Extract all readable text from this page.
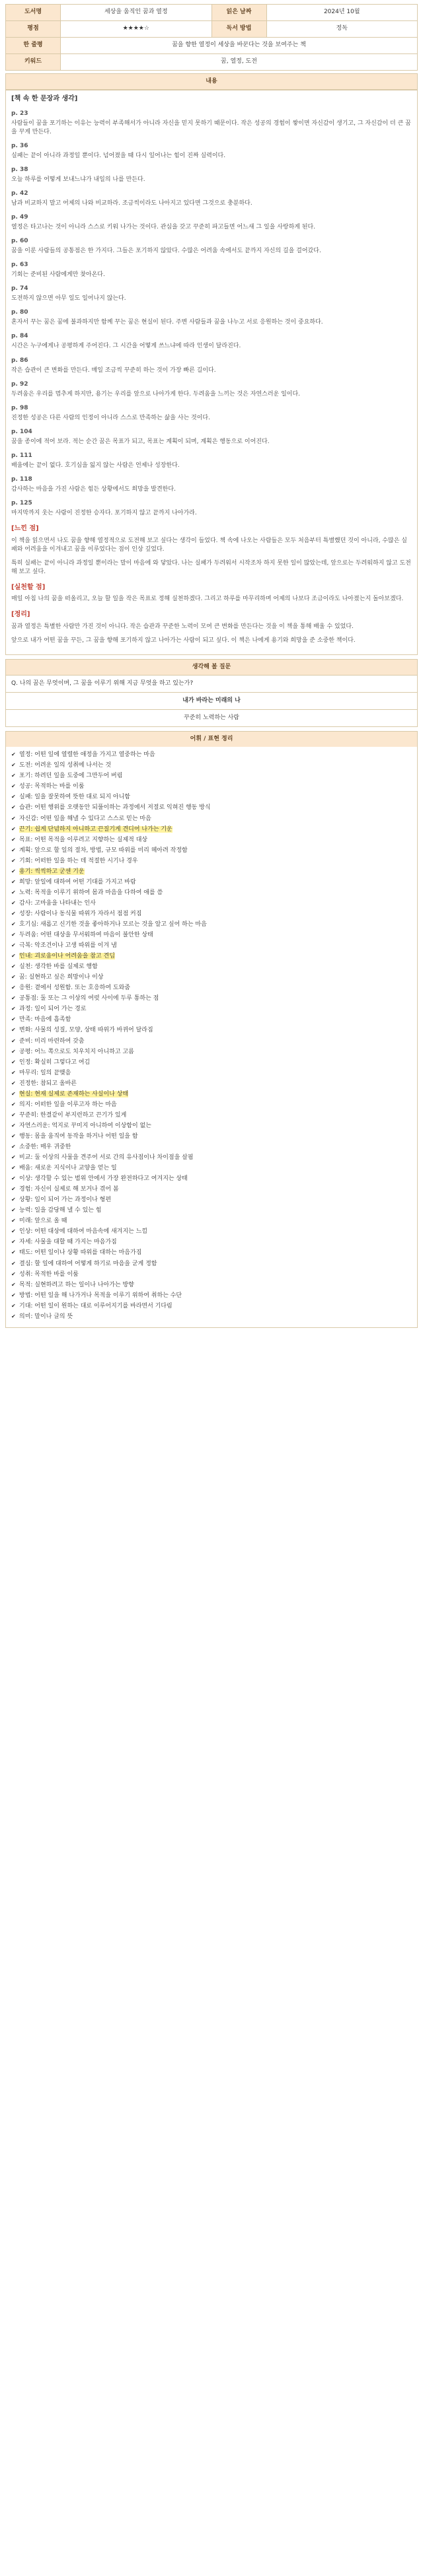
도서명	세상을 움직인 꿈과 열정	읽은 날짜	2024년 10월
평점	★★★★☆	독서 방법	정독
한 줄평	꿈을 향한 열정이 세상을 바꾼다는 것을 보여주는 책		
키워드	꿈, 열정, 도전		
내용
[책 속 한 문장과 생각]
p. 23
사람들이 꿈을 포기하는 이유는 능력이 부족해서가 아니라 자신을 믿지 못하기 때문이다. 작은 성공의 경험이 쌓이면 자신감이 생기고, 그 자신감이 더 큰 꿈을 꾸게 만든다.
p. 36
실패는 끝이 아니라 과정일 뿐이다. 넘어졌을 때 다시 일어나는 힘이 진짜 실력이다.
p. 38
오늘 하루를 어떻게 보내느냐가 내일의 나를 만든다.
p. 42
남과 비교하지 말고 어제의 나와 비교하라. 조금씩이라도 나아지고 있다면 그것으로 충분하다.
p. 49
열정은 타고나는 것이 아니라 스스로 키워 나가는 것이다. 관심을 갖고 꾸준히 파고들면 어느새 그 일을 사랑하게 된다.
p. 60
꿈을 이룬 사람들의 공통점은 한 가지다. 그들은 포기하지 않았다. 수많은 어려움 속에서도 끝까지 자신의 길을 걸어갔다.
p. 63
기회는 준비된 사람에게만 찾아온다.
p. 74
도전하지 않으면 아무 일도 일어나지 않는다.
p. 80
혼자서 꾸는 꿈은 꿈에 불과하지만 함께 꾸는 꿈은 현실이 된다. 주변 사람들과 꿈을 나누고 서로 응원하는 것이 중요하다.
p. 84
시간은 누구에게나 공평하게 주어진다. 그 시간을 어떻게 쓰느냐에 따라 인생이 달라진다.
p. 86
작은 습관이 큰 변화를 만든다. 매일 조금씩 꾸준히 하는 것이 가장 빠른 길이다.
p. 92
두려움은 우리를 멈추게 하지만, 용기는 우리를 앞으로 나아가게 한다. 두려움을 느끼는 것은 자연스러운 일이다.
p. 98
진정한 성공은 다른 사람의 인정이 아니라 스스로 만족하는 삶을 사는 것이다.
p. 104
꿈을 종이에 적어 보라. 적는 순간 꿈은 목표가 되고, 목표는 계획이 되며, 계획은 행동으로 이어진다.
p. 111
배움에는 끝이 없다. 호기심을 잃지 않는 사람은 언제나 성장한다.
p. 118
감사하는 마음을 가진 사람은 힘든 상황에서도 희망을 발견한다.
p. 125
마지막까지 웃는 사람이 진정한 승자다. 포기하지 않고 끝까지 나아가라.
[느낀 점]

이 책을 읽으면서 나도 꿈을 향해 열정적으로 도전해 보고 싶다는 생각이 들었다. 책 속에 나오는 사람들은 모두 처음부터 특별했던 것이 아니라, 수많은 실패와 어려움을 이겨내고 꿈을 이루었다는 점이 인상 깊었다.

특히 실패는 끝이 아니라 과정일 뿐이라는 말이 마음에 와 닿았다. 나는 실패가 두려워서 시작조차 하지 못한 일이 많았는데, 앞으로는 두려워하지 않고 도전해 보고 싶다.

[실천할 점]

매일 아침 나의 꿈을 떠올리고, 오늘 할 일을 작은 목표로 정해 실천하겠다. 그리고 하루를 마무리하며 어제의 나보다 조금이라도 나아졌는지 돌아보겠다.

[정리]

꿈과 열정은 특별한 사람만 가진 것이 아니다. 작은 습관과 꾸준한 노력이 모여 큰 변화를 만든다는 것을 이 책을 통해 배울 수 있었다.

앞으로 내가 어떤 꿈을 꾸든, 그 꿈을 향해 포기하지 않고 나아가는 사람이 되고 싶다. 이 책은 나에게 용기와 희망을 준 소중한 책이다.

생각해 볼 질문
Q. 나의 꿈은 무엇이며, 그 꿈을 이루기 위해 지금 무엇을 하고 있는가?
내가 바라는 미래의 나
꾸준히 노력하는 사람
어휘 / 표현 정리
✔ 열정: 어떤 일에 열렬한 애정을 가지고 열중하는 마음
✔ 도전: 어려운 일의 성취에 나서는 것
✔ 포기: 하려던 일을 도중에 그만두어 버림
✔ 성공: 목적하는 바를 이룸
✔ 실패: 일을 잘못하여 뜻한 대로 되지 아니함
✔ 습관: 어떤 행위를 오랫동안 되풀이하는 과정에서 저절로 익혀진 행동 방식
✔ 자신감: 어떤 일을 해낼 수 있다고 스스로 믿는 마음
✔ 끈기: 쉽게 단념하지 아니하고 끈질기게 견디어 나가는 기운
✔ 목표: 어떤 목적을 이루려고 지향하는 실제적 대상
✔ 계획: 앞으로 할 일의 절차, 방법, 규모 따위를 미리 헤아려 작정함
✔ 기회: 어떠한 일을 하는 데 적절한 시기나 경우
✔ 용기: 씩씩하고 굳센 기운
✔ 희망: 앞일에 대하여 어떤 기대를 가지고 바람
✔ 노력: 목적을 이루기 위하여 몸과 마음을 다하여 애를 씀
✔ 감사: 고마움을 나타내는 인사
✔ 성장: 사람이나 동식물 따위가 자라서 점점 커짐
✔ 호기심: 새롭고 신기한 것을 좋아하거나 모르는 것을 알고 싶어 하는 마음
✔ 두려움: 어떤 대상을 무서워하여 마음이 불안한 상태
✔ 극복: 악조건이나 고생 따위를 이겨 냄
✔ 인내: 괴로움이나 어려움을 참고 견딤
✔ 실천: 생각한 바를 실제로 행함
✔ 꿈: 실현하고 싶은 희망이나 이상
✔ 응원: 곁에서 성원함. 또는 호응하여 도와줌
✔ 공통점: 둘 또는 그 이상의 여럿 사이에 두루 통하는 점
✔ 과정: 일이 되어 가는 경로
✔ 만족: 마음에 흡족함
✔ 변화: 사물의 성질, 모양, 상태 따위가 바뀌어 달라짐
✔ 준비: 미리 마련하여 갖춤
✔ 공평: 어느 쪽으로도 치우치지 아니하고 고름
✔ 인정: 확실히 그렇다고 여김
✔ 마무리: 일의 끝맺음
✔ 진정한: 참되고 올바른
✔ 현실: 현재 실제로 존재하는 사실이나 상태
✔ 의지: 어떠한 일을 이루고자 하는 마음
✔ 꾸준히: 한결같이 부지런하고 끈기가 있게
✔ 자연스러운: 억지로 꾸미지 아니하여 이상함이 없는
✔ 행동: 몸을 움직여 동작을 하거나 어떤 일을 함
✔ 소중한: 매우 귀중한
✔ 비교: 둘 이상의 사물을 견주어 서로 간의 유사점이나 차이점을 살핌
✔ 배움: 새로운 지식이나 교양을 얻는 일
✔ 이상: 생각할 수 있는 범위 안에서 가장 완전하다고 여겨지는 상태
✔ 경험: 자신이 실제로 해 보거나 겪어 봄
✔ 상황: 일이 되어 가는 과정이나 형편
✔ 능력: 일을 감당해 낼 수 있는 힘
✔ 미래: 앞으로 올 때
✔ 인상: 어떤 대상에 대하여 마음속에 새겨지는 느낌
✔ 자세: 사물을 대할 때 가지는 마음가짐
✔ 태도: 어떤 일이나 상황 따위를 대하는 마음가짐
✔ 결심: 할 일에 대하여 어떻게 하기로 마음을 굳게 정함
✔ 성취: 목적한 바를 이룸
✔ 목적: 실현하려고 하는 일이나 나아가는 방향
✔ 방법: 어떤 일을 해 나가거나 목적을 이루기 위하여 취하는 수단
✔ 기대: 어떤 일이 원하는 대로 이루어지기를 바라면서 기다림
✔ 의미: 말이나 글의 뜻
